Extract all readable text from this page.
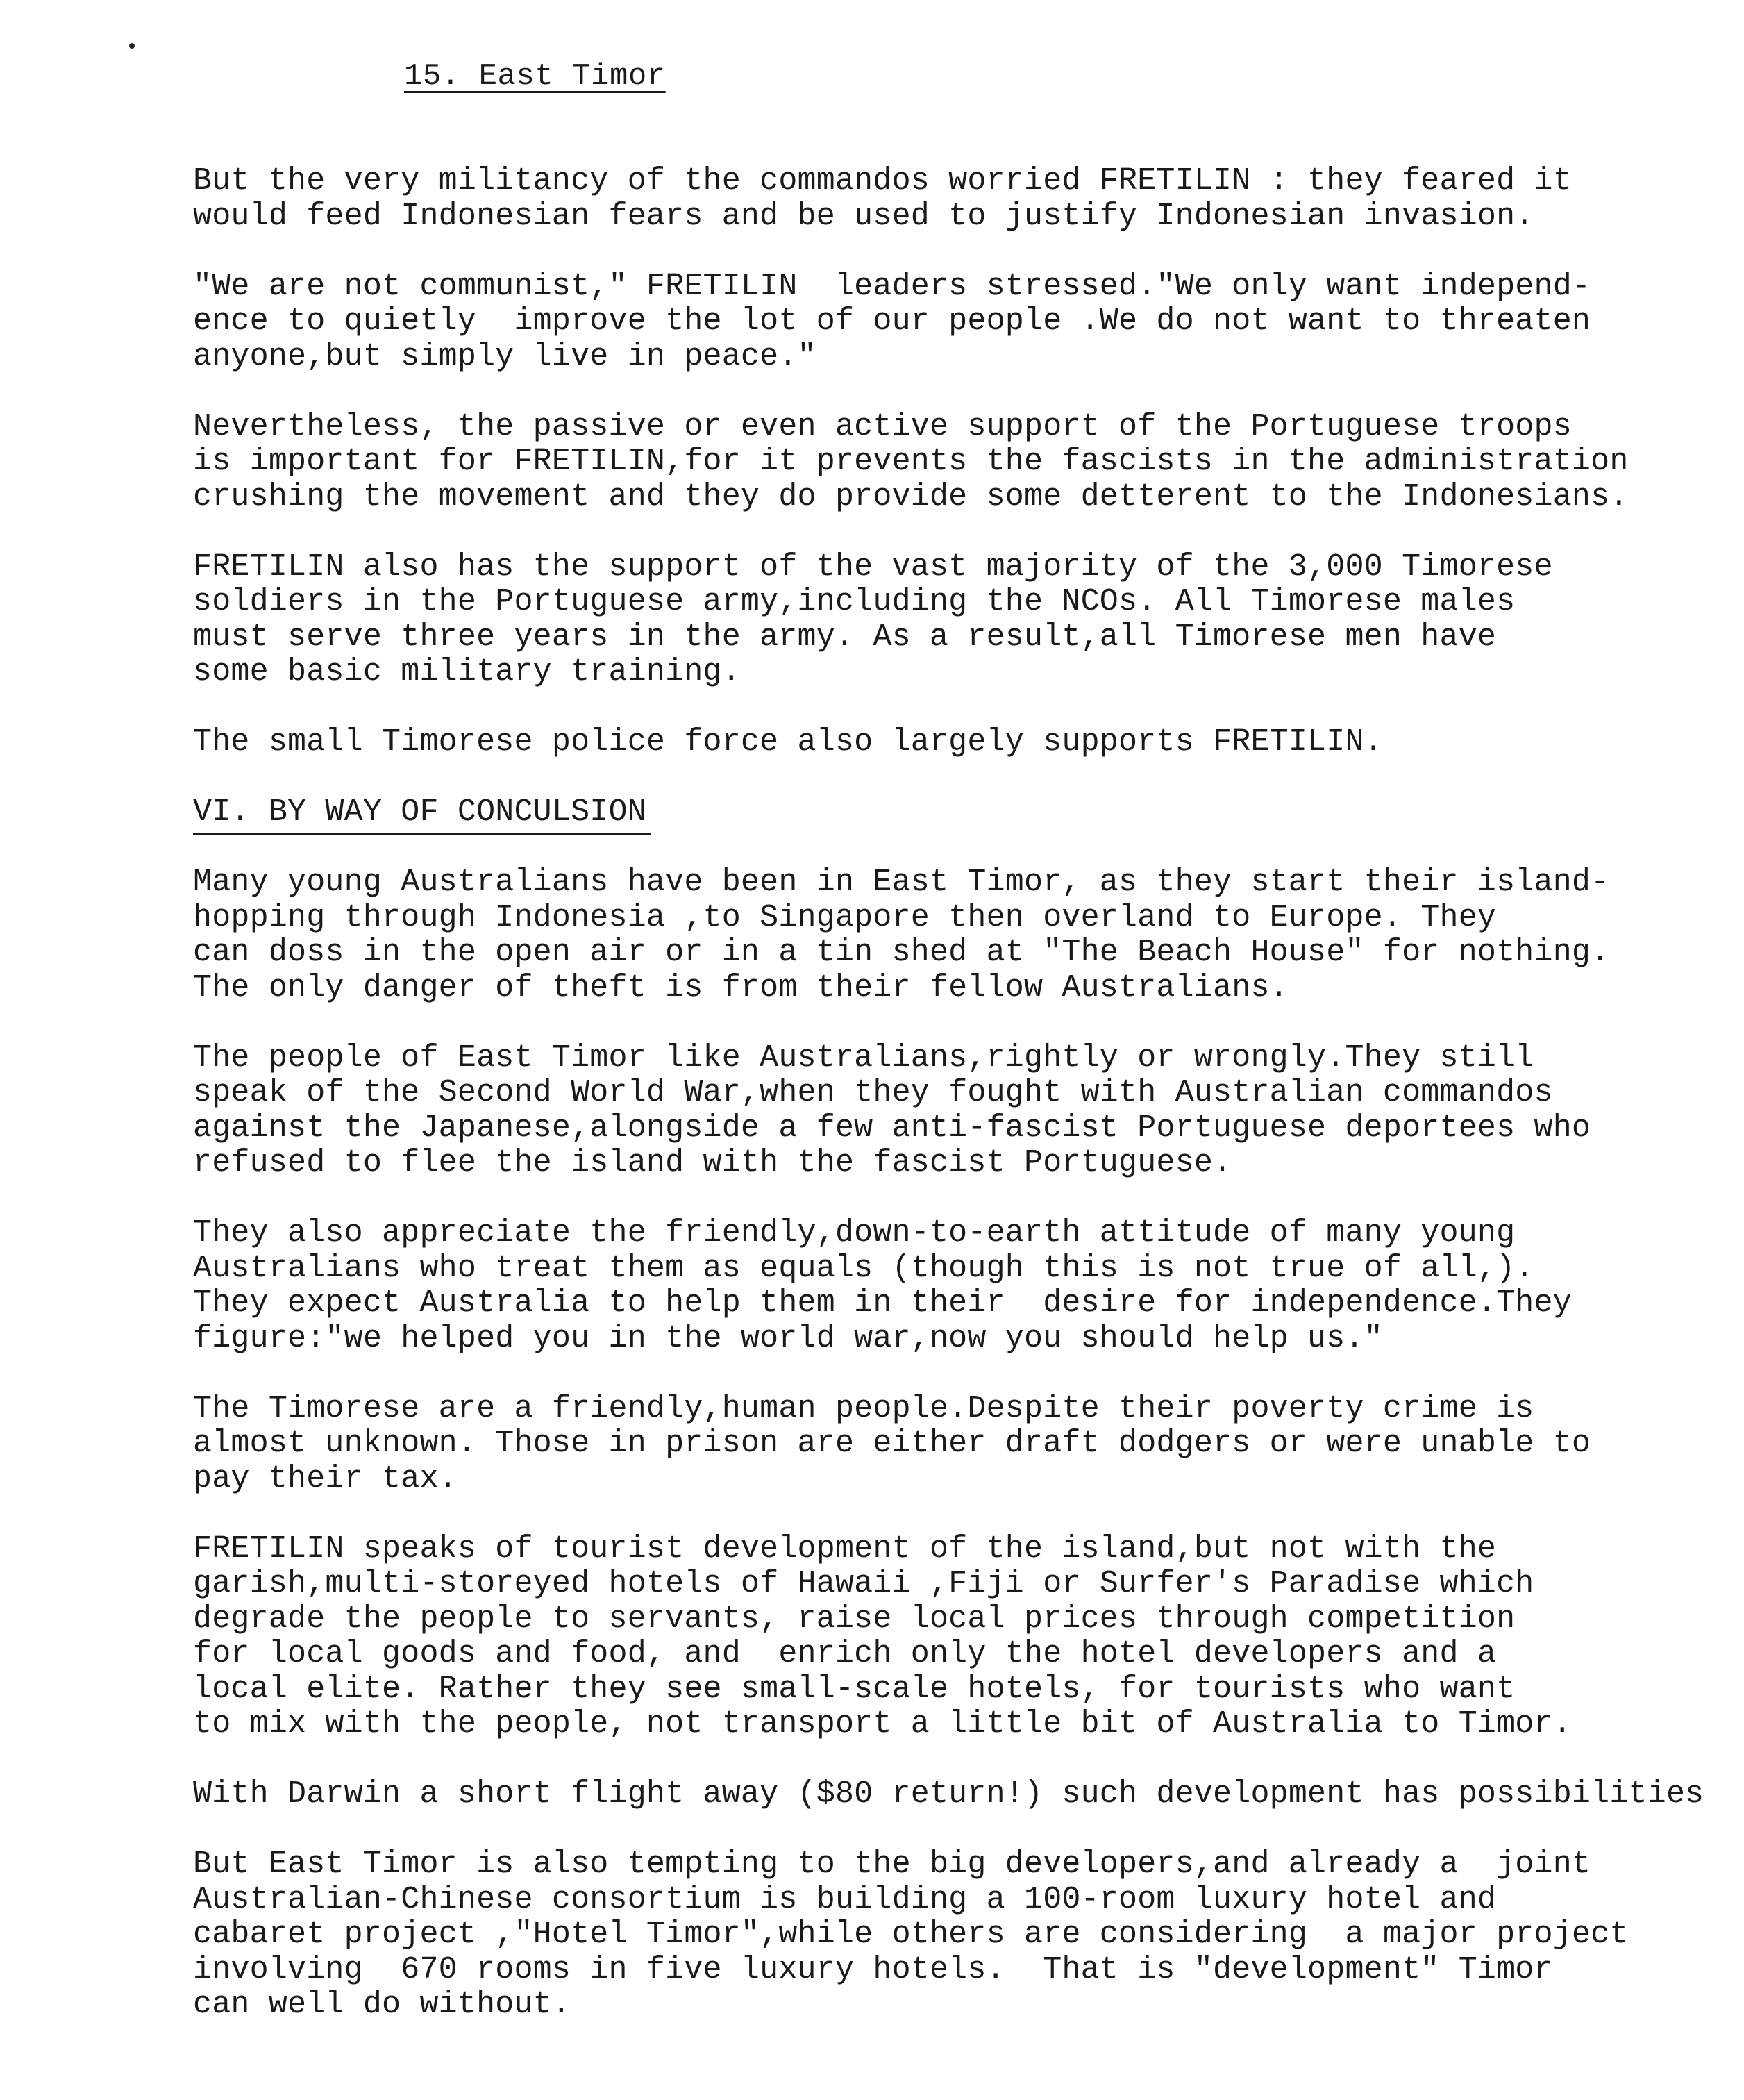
15. East Timor

But the very militancy of the commandos worried FRETILIN : they feared it
would feed Indonesian fears and be used to justify Indonesian invasion.

"We are not communist," FRETILIN  leaders stressed."We only want independ-
ence to quietly  improve the lot of our people .We do not want to threaten
anyone,but simply live in peace."

Nevertheless, the passive or even active support of the Portuguese troops
is important for FRETILIN,for it prevents the fascists in the administration
crushing the movement and they do provide some detterent to the Indonesians.

FRETILIN also has the support of the vast majority of the 3,000 Timorese
soldiers in the Portuguese army,including the NCOs. All Timorese males
must serve three years in the army. As a result,all Timorese men have
some basic military training.

The small Timorese police force also largely supports FRETILIN.

VI. BY WAY OF CONCULSION

Many young Australians have been in East Timor, as they start their island-
hopping through Indonesia ,to Singapore then overland to Europe. They
can doss in the open air or in a tin shed at "The Beach House" for nothing.
The only danger of theft is from their fellow Australians.

The people of East Timor like Australians,rightly or wrongly.They still
speak of the Second World War,when they fought with Australian commandos
against the Japanese,alongside a few anti-fascist Portuguese deportees who
refused to flee the island with the fascist Portuguese.

They also appreciate the friendly,down-to-earth attitude of many young
Australians who treat them as equals (though this is not true of all,).
They expect Australia to help them in their  desire for independence.They
figure:"we helped you in the world war,now you should help us."

The Timorese are a friendly,human people.Despite their poverty crime is
almost unknown. Those in prison are either draft dodgers or were unable to
pay their tax.

FRETILIN speaks of tourist development of the island,but not with the
garish,multi-storeyed hotels of Hawaii ,Fiji or Surfer's Paradise which
degrade the people to servants, raise local prices through competition
for local goods and food, and  enrich only the hotel developers and a
local elite. Rather they see small-scale hotels, for tourists who want
to mix with the people, not transport a little bit of Australia to Timor.

With Darwin a short flight away ($80 return!) such development has possibilities

But East Timor is also tempting to the big developers,and already a  joint
Australian-Chinese consortium is building a 100-room luxury hotel and
cabaret project ,"Hotel Timor",while others are considering  a major project
involving  670 rooms in five luxury hotels.  That is "development" Timor
can well do without.
